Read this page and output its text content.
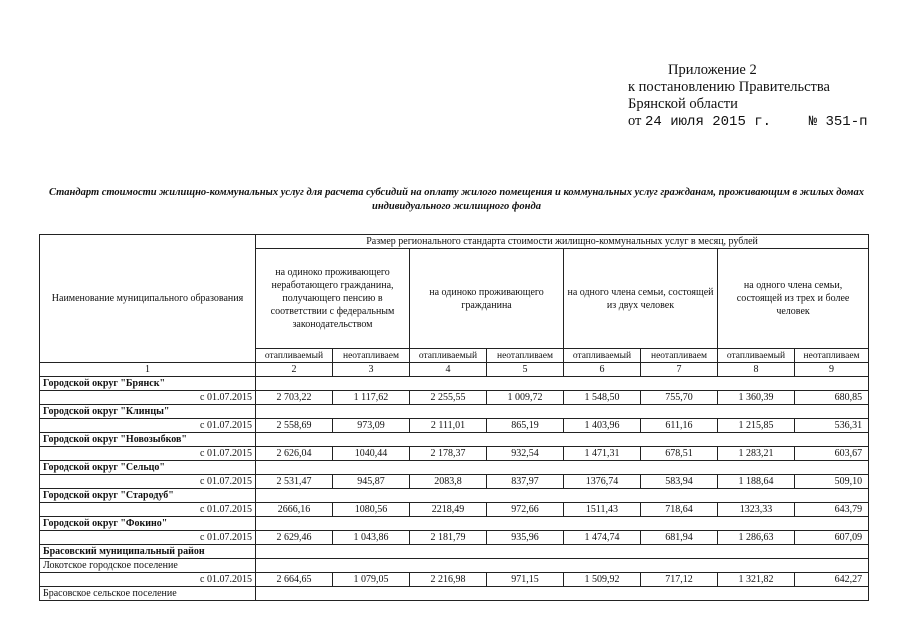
Приложение 2
к постановлению Правительства
Брянской области
от 24 июля 2015 г.	№ 351-п
Стандарт стоимости жилищно-коммунальных услуг для расчета субсидий на оплату жилого помещения и коммунальных услуг гражданам, проживающим в жилых домах индивидуального жилищного фонда
Наименование муниципального образования	Размер регионального стандарта стоимости жилищно-коммунальных услуг в месяц, рублей							
	на одиноко проживающего неработающего гражданина, получающего пенсию в соответствии с федеральным законодательством		на одиноко проживающего гражданина		на одного члена семьи, состоящей из двух человек		на одного члена семьи, состоящей из трех и более человек	
	отапливаемый	неотапливаем	отапливаемый	неотапливаем	отапливаемый	неотапливаем	отапливаемый	неотапливаем
1	2	3	4	5	6	7	8	9
Городской округ "Брянск"								
с 01.07.2015	2 703,22	1 117,62	2 255,55	1 009,72	1 548,50	755,70	1 360,39	680,85
Городской округ "Клинцы"								
с 01.07.2015	2 558,69	973,09	2 111,01	865,19	1 403,96	611,16	1 215,85	536,31
Городской округ "Новозыбков"								
с 01.07.2015	2 626,04	1040,44	2 178,37	932,54	1 471,31	678,51	1 283,21	603,67
Городской округ "Сельцо"								
с 01.07.2015	2 531,47	945,87	2083,8	837,97	1376,74	583,94	1 188,64	509,10
Городской округ "Стародуб"								
с 01.07.2015	2666,16	1080,56	2218,49	972,66	1511,43	718,64	1323,33	643,79
Городской округ "Фокино"								
с 01.07.2015	2 629,46	1 043,86	2 181,79	935,96	1 474,74	681,94	1 286,63	607,09
Брасовский муниципальный район								
Локотское городское поселение								
с 01.07.2015	2 664,65	1 079,05	2 216,98	971,15	1 509,92	717,12	1 321,82	642,27
Брасовское сельское поселение								
